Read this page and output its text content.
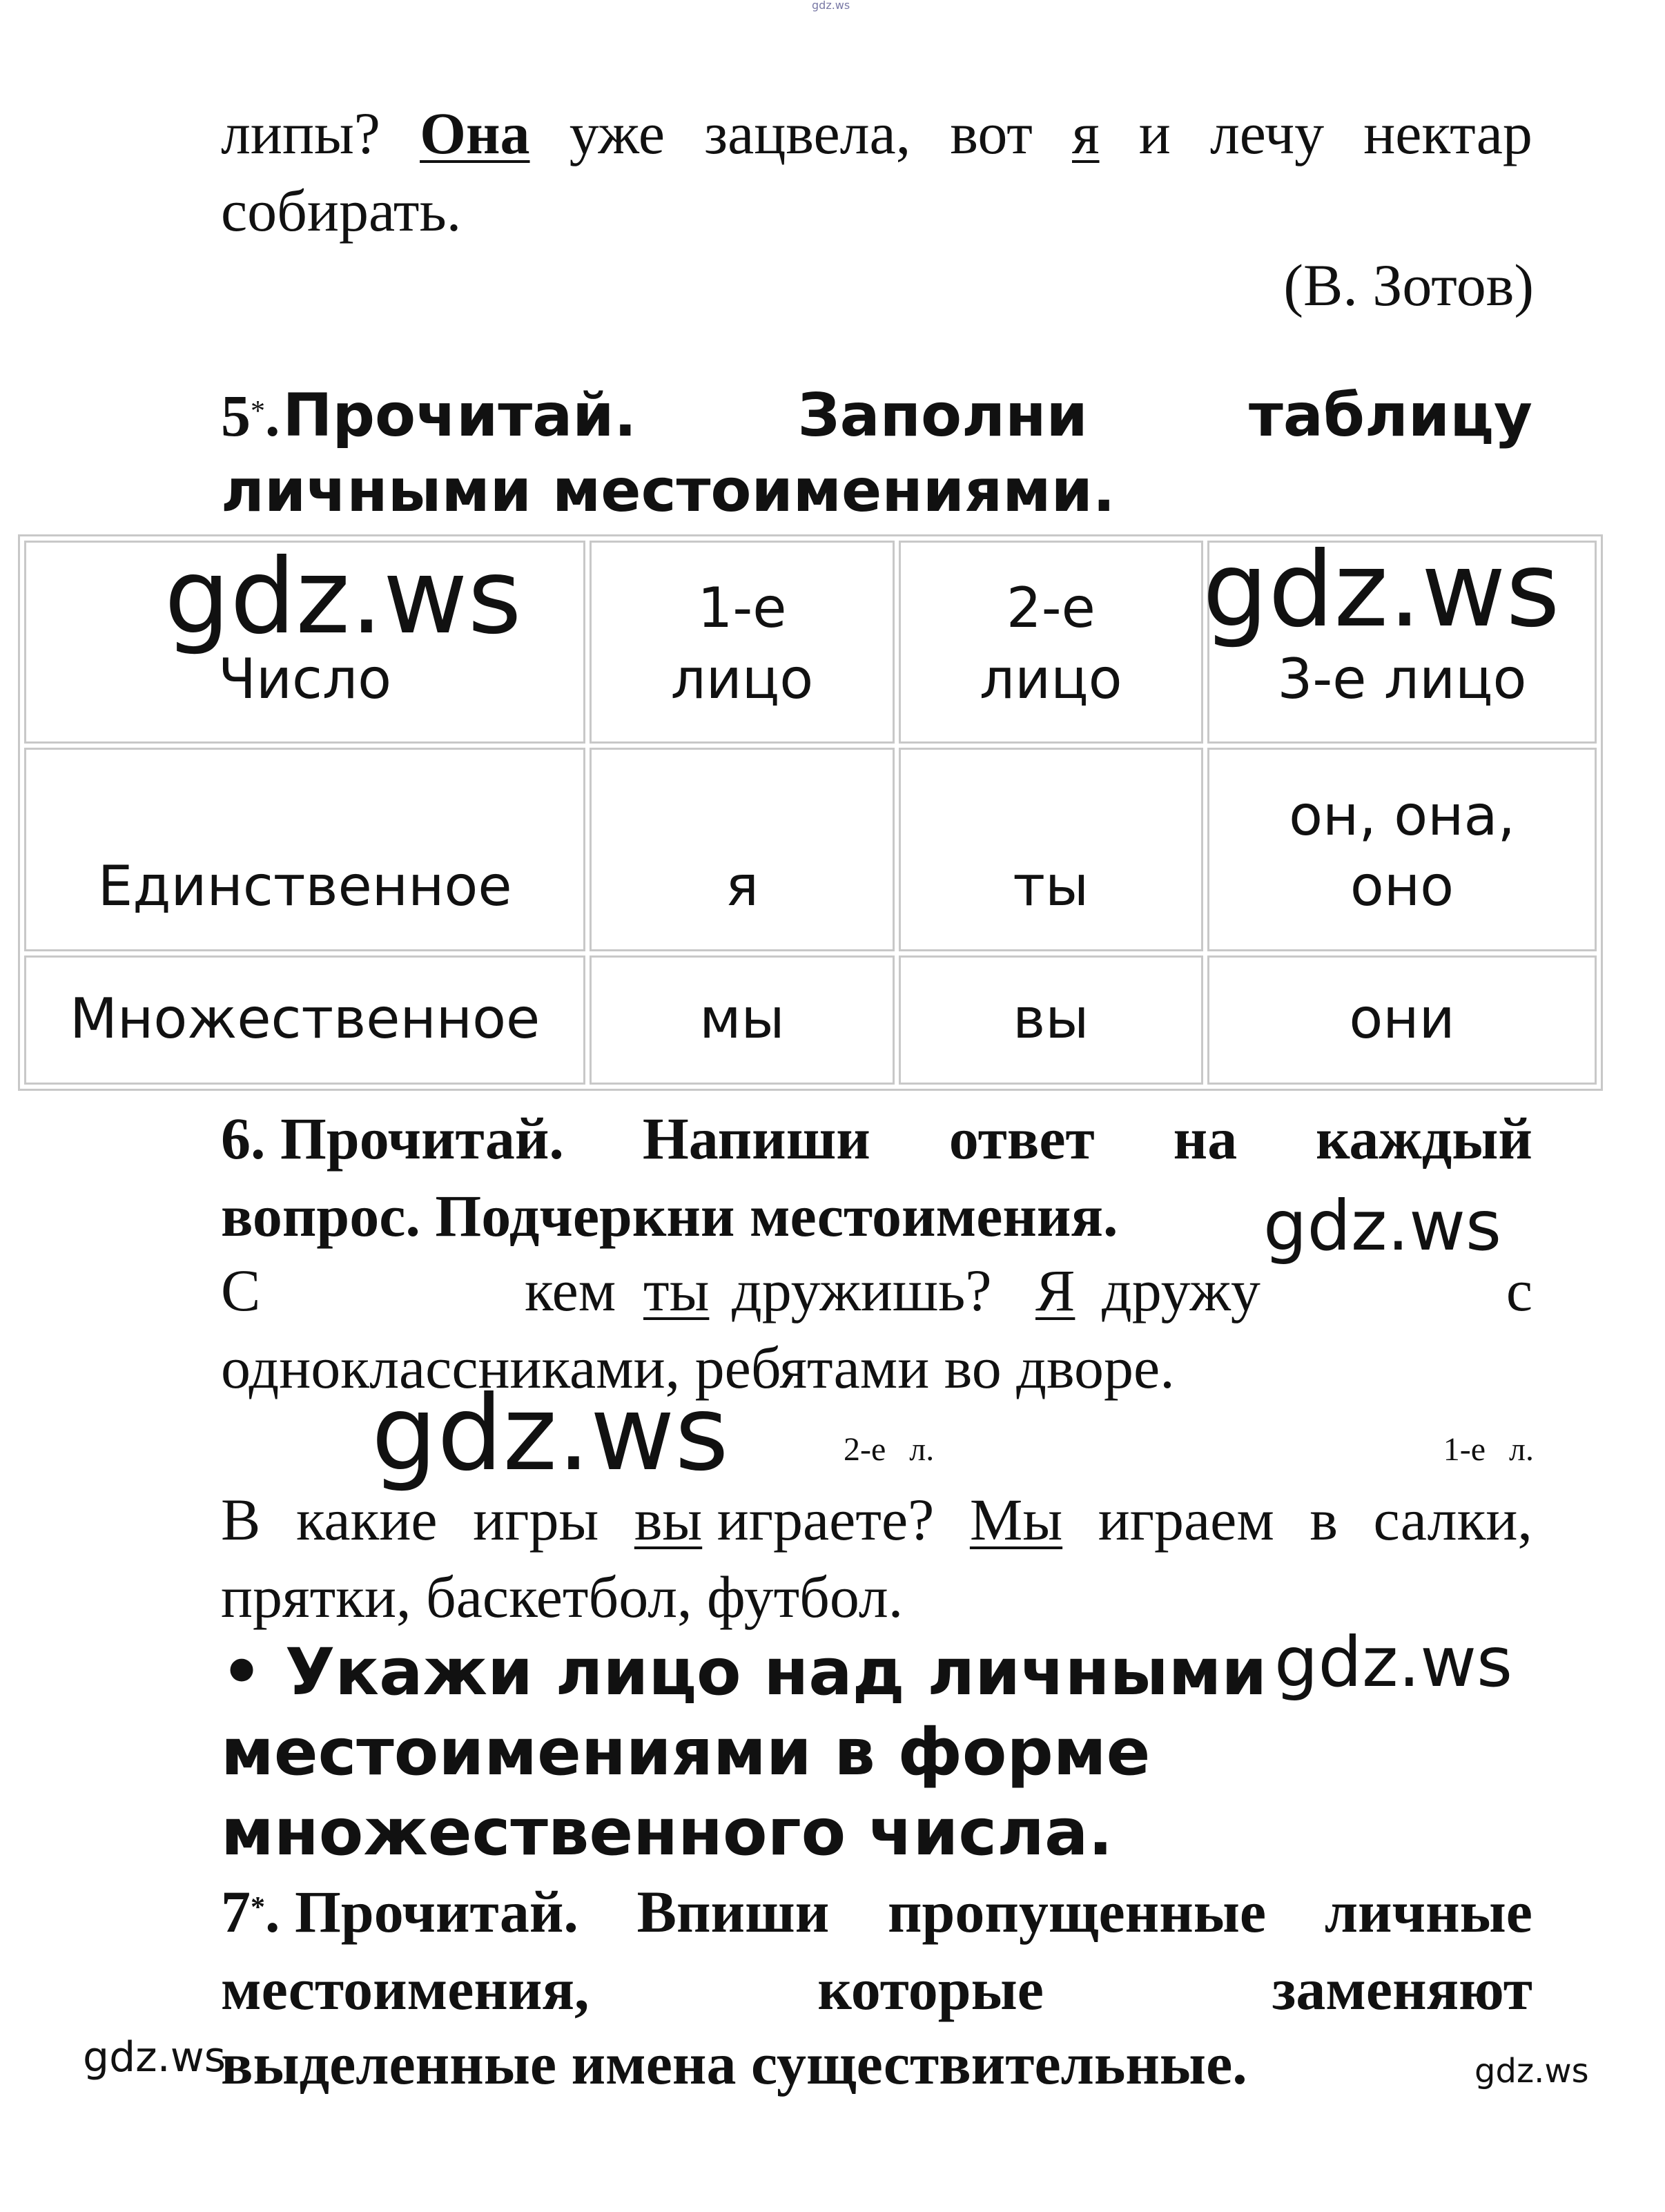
gdz.ws
липы? Она уже зацвела, вот я и лечу нектар
собирать.
(В. Зотов)
5*. Прочитай.	Заполни	таблицу
личными местоимениями.
Число	1-е лицо	2-е лицо	3-е лицо

Единственное	я	ты	он, она, оно

Множественное	мы	вы	они
gdz.ws	gdz.ws
6. Прочитай. Напиши ответ на каждый
вопрос. Подчеркни местоимения. gdz.ws
С	кем ты дружишь? Я дружу	с
одноклассниками, ребятами во дворе.
gdz.ws	2-е л.	1-е л.
В какие игры вы
играете? Мы играем в салки,
прятки, баскетбол, футбол.
• Укажи лицо над личными gdz.ws
местоимениями в форме
множественного числа.
7*. Прочитай. Впиши пропущенные личные
местоимения,	которые	заменяют
выделенные имена существительные.
gdz.ws	gdz.ws
